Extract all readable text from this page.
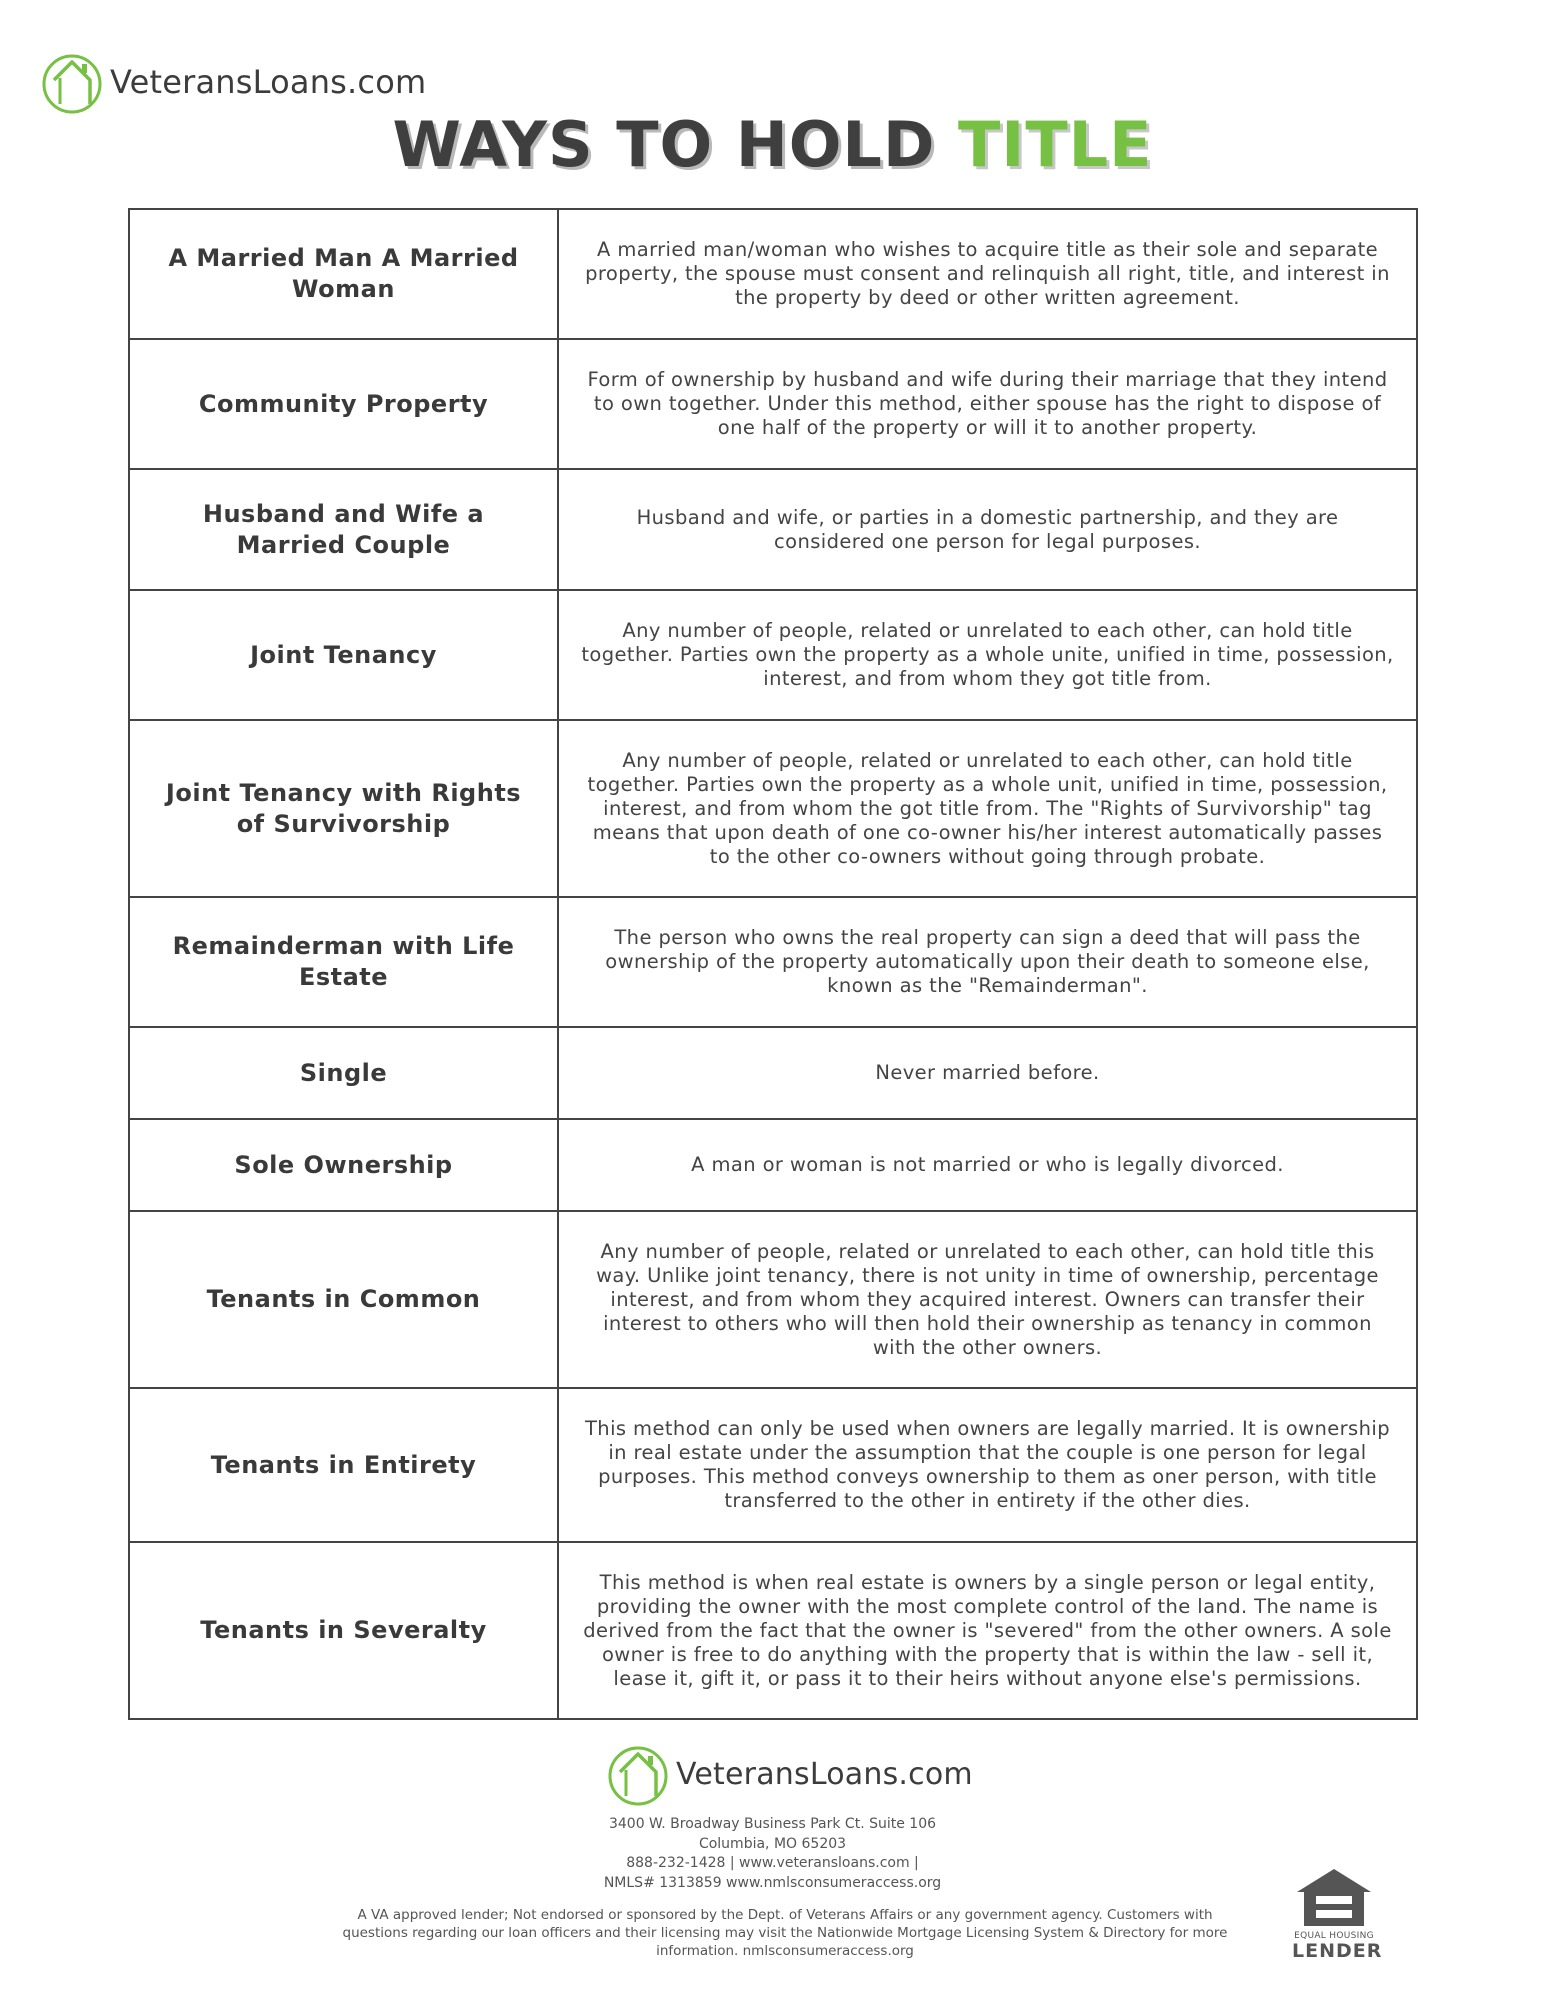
VeteransLoans.com
WAYS TO HOLD TITLE
A Married Man A Married Woman	A married man/woman who wishes to acquire title as their sole and separate property, the spouse must consent and relinquish all right, title, and interest in the property by deed or other written agreement.
Community Property	Form of ownership by husband and wife during their marriage that they intend to own together. Under this method, either spouse has the right to dispose of one half of the property or will it to another property.
Husband and Wife a Married Couple	Husband and wife, or parties in a domestic partnership, and they are considered one person for legal purposes.
Joint Tenancy	Any number of people, related or unrelated to each other, can hold title together. Parties own the property as a whole unite, unified in time, possession, interest, and from whom they got title from.
Joint Tenancy with Rights of Survivorship	Any number of people, related or unrelated to each other, can hold title together. Parties own the property as a whole unit, unified in time, possession, interest, and from whom the got title from. The "Rights of Survivorship" tag means that upon death of one co-owner his/her interest automatically passes to the other co-owners without going through probate.
Remainderman with Life Estate	The person who owns the real property can sign a deed that will pass the ownership of the property automatically upon their death to someone else, known as the "Remainderman".
Single	Never married before.
Sole Ownership	A man or woman is not married or who is legally divorced.
Tenants in Common	Any number of people, related or unrelated to each other, can hold title this way. Unlike joint tenancy, there is not unity in time of ownership, percentage interest, and from whom they acquired interest. Owners can transfer their interest to others who will then hold their ownership as tenancy in common with the other owners.
Tenants in Entirety	This method can only be used when owners are legally married. It is ownership in real estate under the assumption that the couple is one person for legal purposes. This method conveys ownership to them as oner person, with title transferred to the other in entirety if the other dies.
Tenants in Severalty	This method is when real estate is owners by a single person or legal entity, providing the owner with the most complete control of the land. The name is derived from the fact that the owner is "severed" from the other owners. A sole owner is free to do anything with the property that is within the law - sell it, lease it, gift it, or pass it to their heirs without anyone else's permissions.
VeteransLoans.com
3400 W. Broadway Business Park Ct. Suite 106
Columbia, MO 65203
888-232-1428 | www.veteransloans.com |
NMLS# 1313859 www.nmlsconsumeraccess.org
A VA approved lender; Not endorsed or sponsored by the Dept. of Veterans Affairs or any government agency. Customers with questions regarding our loan officers and their licensing may visit the Nationwide Mortgage Licensing System & Directory for more information. nmlsconsumeraccess.org
EQUAL HOUSING
LENDER
